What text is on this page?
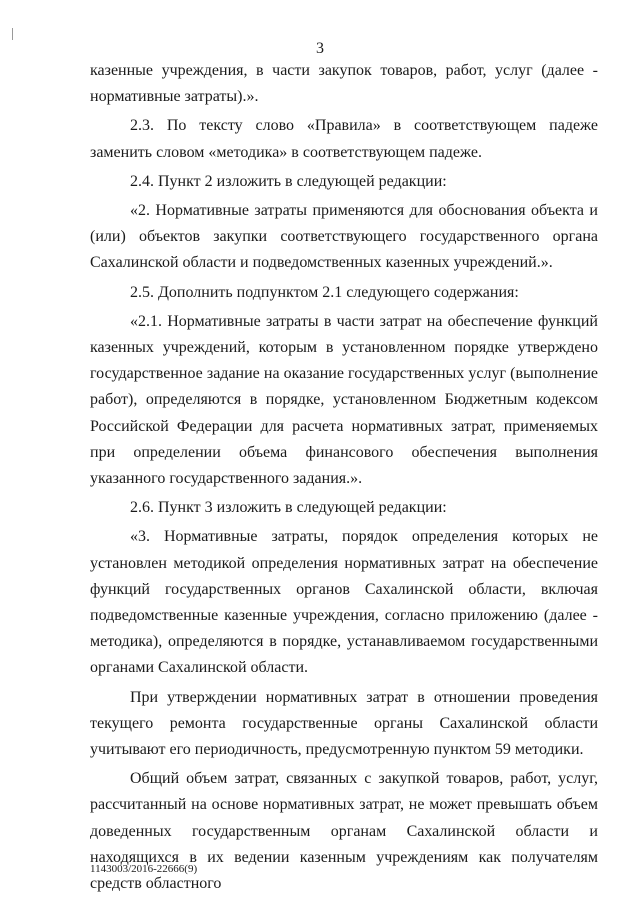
3

казенные учреждения, в части закупок товаров, работ, услуг (далее - нормативные затраты).».

2.3. По тексту слово «Правила» в соответствующем падеже заменить словом «методика» в соответствующем падеже.

2.4. Пункт 2 изложить в следующей редакции:

«2. Нормативные затраты применяются для обоснования объекта и (или) объектов закупки соответствующего государственного органа Сахалинской области и подведомственных казенных учреждений.».

2.5. Дополнить подпунктом 2.1 следующего содержания:

«2.1. Нормативные затраты в части затрат на обеспечение функций казенных учреждений, которым в установленном порядке утверждено государственное задание на оказание государственных услуг (выполнение работ), определяются в порядке, установленном Бюджетным кодексом Российской Федерации для расчета нормативных затрат, применяемых при определении объема финансового обеспечения выполнения указанного государственного задания.».

2.6. Пункт 3 изложить в следующей редакции:

«3. Нормативные затраты, порядок определения которых не установлен методикой определения нормативных затрат на обеспечение функций государственных органов Сахалинской области, включая подведомственные казенные учреждения, согласно приложению (далее - методика), определяются в порядке, устанавливаемом государственными органами Сахалинской области.

При утверждении нормативных затрат в отношении проведения текущего ремонта государственные органы Сахалинской области учитывают его периодичность, предусмотренную пунктом 59 методики.

Общий объем затрат, связанных с закупкой товаров, работ, услуг, рассчитанный на основе нормативных затрат, не может превышать объем доведенных государственным органам Сахалинской области и находящихся в их ведении казенным учреждениям как получателям средств областного

1143003/2016-22666(9)
